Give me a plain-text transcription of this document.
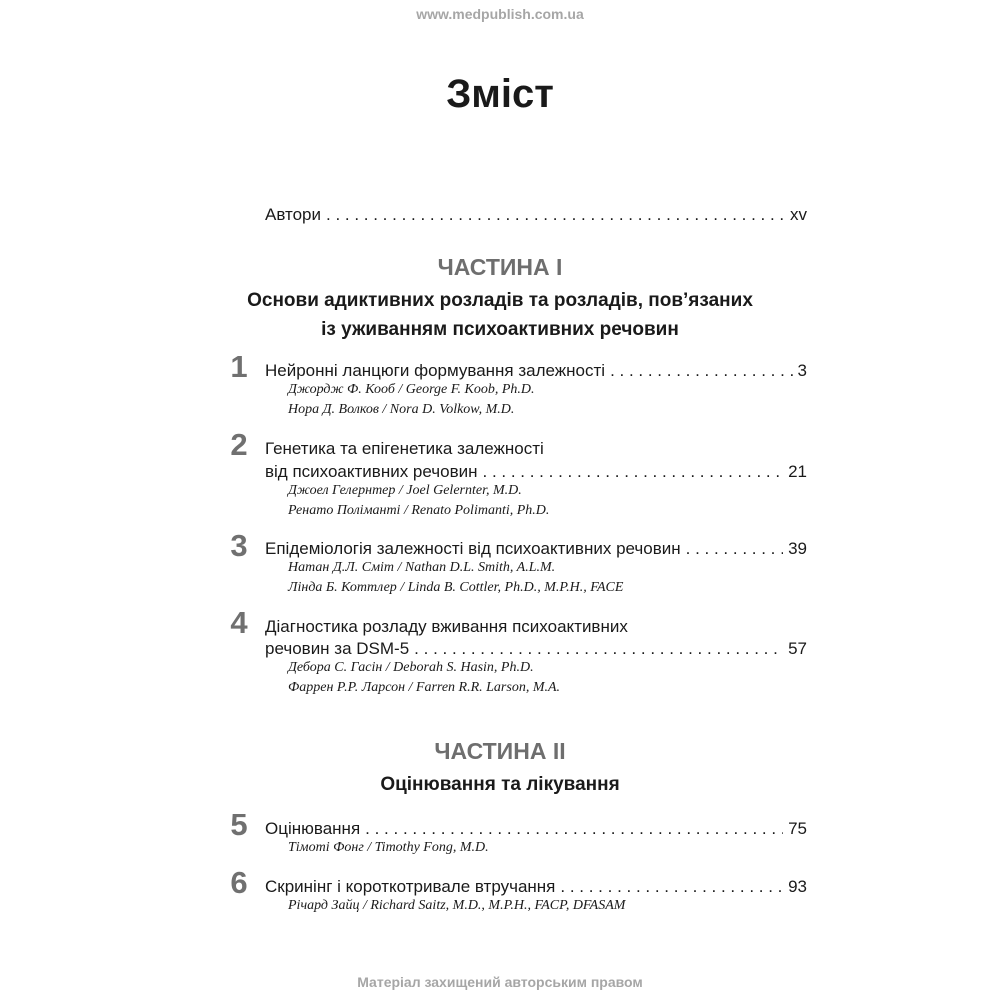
www.medpublish.com.ua
Зміст
Автори . . .	xv
ЧАСТИНА I
Основи адиктивних розладів та розладів, пов’язаних
із уживанням психоактивних речовин
1 Нейронні ланцюги формування залежності . . .	3
Джордж Ф. Кооб / George F. Koob, Ph.D.
Нора Д. Волков / Nora D. Volkow, M.D.
2 Генетика та епігенетика залежності
від психоактивних речовин . . .	21
Джоел Гелернтер / Joel Gelernter, M.D.
Ренато Поліманті / Renato Polimanti, Ph.D.
3 Епідеміологія залежності від психоактивних речовин . . .	39
Натан Д.Л. Сміт / Nathan D.L. Smith, A.L.M.
Лінда Б. Коттлер / Linda B. Cottler, Ph.D., M.P.H., FACE
4 Діагностика розладу вживання психоактивних
речовин за DSM-5 . . .	57
Дебора С. Гасін / Deborah S. Hasin, Ph.D.
Фаррен Р.Р. Ларсон / Farren R.R. Larson, M.A.
ЧАСТИНА II
Оцінювання та лікування
5 Оцінювання . . .	75
Тімоті Фонг / Timothy Fong, M.D.
6 Скринінг і короткотривале втручання . . .	93
Річард Зайц / Richard Saitz, M.D., M.P.H., FACP, DFASAM
Матеріал захищений авторським правом
